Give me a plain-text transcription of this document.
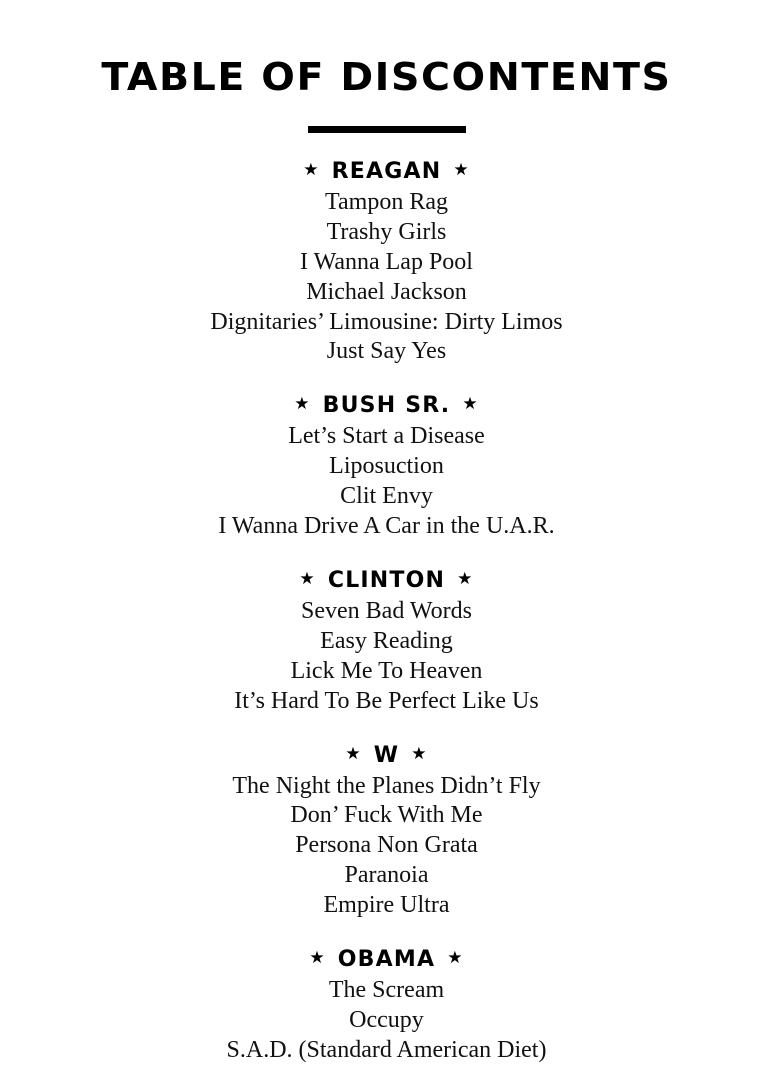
TABLE OF DISCONTENTS
★ REAGAN ★
Tampon Rag
Trashy Girls
I Wanna Lap Pool
Michael Jackson
Dignitaries’ Limousine: Dirty Limos
Just Say Yes
★ BUSH SR. ★
Let’s Start a Disease
Liposuction
Clit Envy
I Wanna Drive A Car in the U.A.R.
★ CLINTON ★
Seven Bad Words
Easy Reading
Lick Me To Heaven
It’s Hard To Be Perfect Like Us
★ W ★
The Night the Planes Didn’t Fly
Don’ Fuck With Me
Persona Non Grata
Paranoia
Empire Ultra
★ OBAMA ★
The Scream
Occupy
S.A.D. (Standard American Diet)
